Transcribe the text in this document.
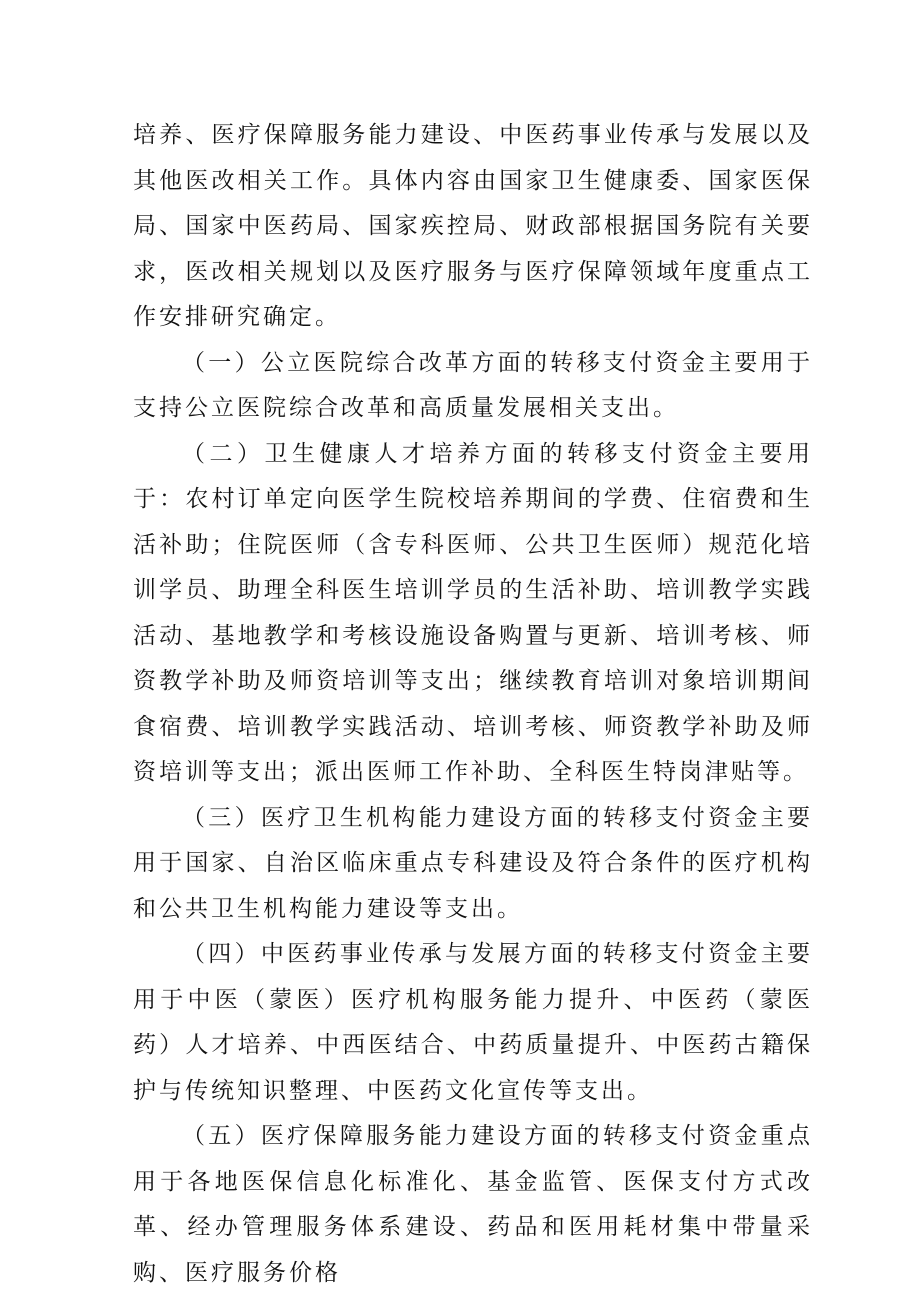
培养、医疗保障服务能力建设、中医药事业传承与发展以及其他医改相关工作。具体内容由国家卫生健康委、国家医保局、国家中医药局、国家疾控局、财政部根据国务院有关要求，医改相关规划以及医疗服务与医疗保障领域年度重点工作安排研究确定。

（一）公立医院综合改革方面的转移支付资金主要用于支持公立医院综合改革和高质量发展相关支出。

（二）卫生健康人才培养方面的转移支付资金主要用于：农村订单定向医学生院校培养期间的学费、住宿费和生活补助；住院医师（含专科医师、公共卫生医师）规范化培训学员、助理全科医生培训学员的生活补助、培训教学实践活动、基地教学和考核设施设备购置与更新、培训考核、师资教学补助及师资培训等支出；继续教育培训对象培训期间食宿费、培训教学实践活动、培训考核、师资教学补助及师资培训等支出；派出医师工作补助、全科医生特岗津贴等。

（三）医疗卫生机构能力建设方面的转移支付资金主要用于国家、自治区临床重点专科建设及符合条件的医疗机构和公共卫生机构能力建设等支出。

（四）中医药事业传承与发展方面的转移支付资金主要用于中医（蒙医）医疗机构服务能力提升、中医药（蒙医药）人才培养、中西医结合、中药质量提升、中医药古籍保护与传统知识整理、中医药文化宣传等支出。

（五）医疗保障服务能力建设方面的转移支付资金重点用于各地医保信息化标准化、基金监管、医保支付方式改革、经办管理服务体系建设、药品和医用耗材集中带量采购、医疗服务价格
